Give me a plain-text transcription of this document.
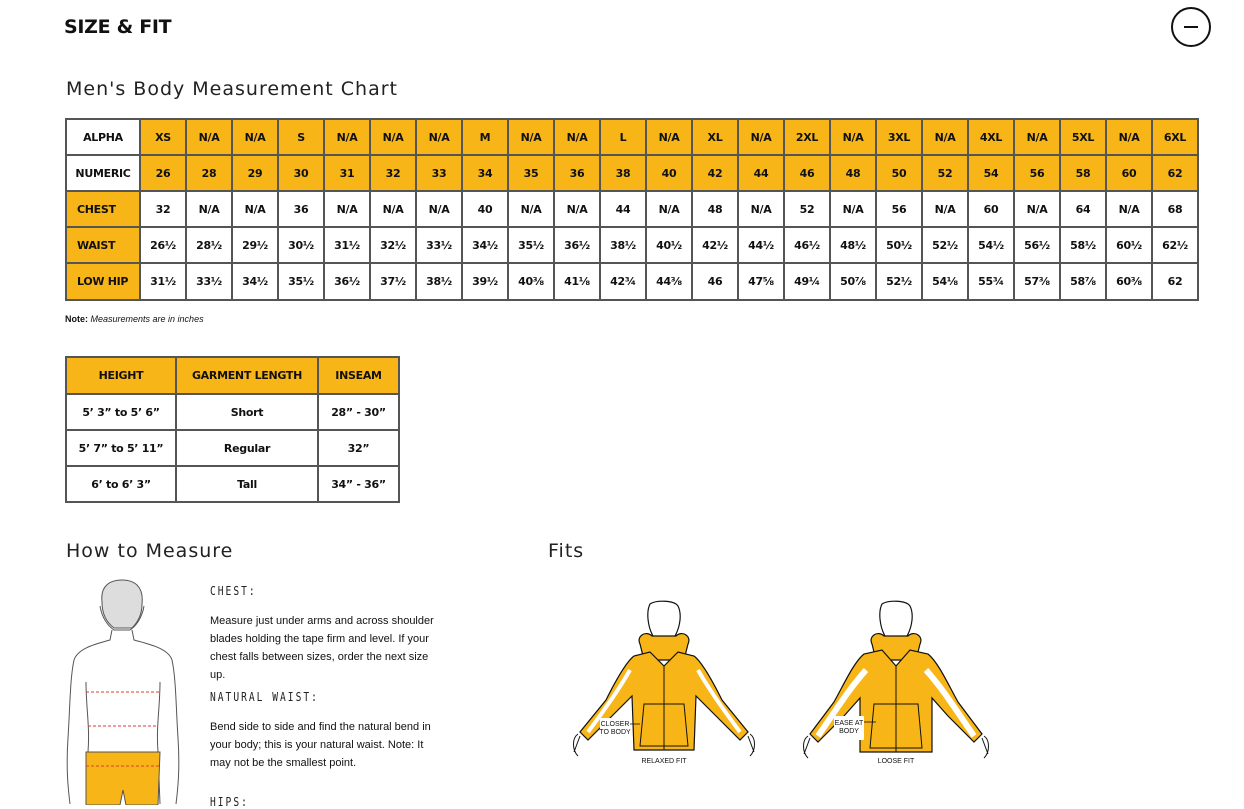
SIZE & FIT
Men's Body Measurement Chart
ALPHA	XS	N/A	N/A	S	N/A	N/A	N/A	M	N/A	N/A	L	N/A	XL	N/A	2XL	N/A	3XL	N/A	4XL	N/A	5XL	N/A	6XL
NUMERIC	26	28	29	30	31	32	33	34	35	36	38	40	42	44	46	48	50	52	54	56	58	60	62
CHEST	32	N/A	N/A	36	N/A	N/A	N/A	40	N/A	N/A	44	N/A	48	N/A	52	N/A	56	N/A	60	N/A	64	N/A	68
WAIST	26½	28½	29½	30½	31½	32½	33½	34½	35½	36½	38½	40½	42½	44½	46½	48½	50½	52½	54½	56½	58½	60½	62½
LOW HIP	31½	33½	34½	35½	36½	37½	38½	39½	40⅜	41⅛	42¾	44⅜	46	47⅝	49¼	50⅞	52½	54⅛	55¾	57⅜	58⅞	60⅜	62
Note: Measurements are in inches
HEIGHT	GARMENT LENGTH	INSEAM
5’ 3” to 5’ 6”	Short	28” - 30”
5’ 7” to 5’ 11”	Regular	32”
6’ to 6’ 3”	Tall	34” - 36”
How to Measure
CHEST:
Measure just under arms and across shoulder blades holding the tape firm and level. If your chest falls between sizes, order the next size up.
NATURAL WAIST:
Bend side to side and find the natural bend in your body; this is your natural waist. Note: It may not be the smallest point.
HIPS:
Fits
CLOSER
TO BODY
RELAXED FIT
EASE AT
BODY
LOOSE FIT
